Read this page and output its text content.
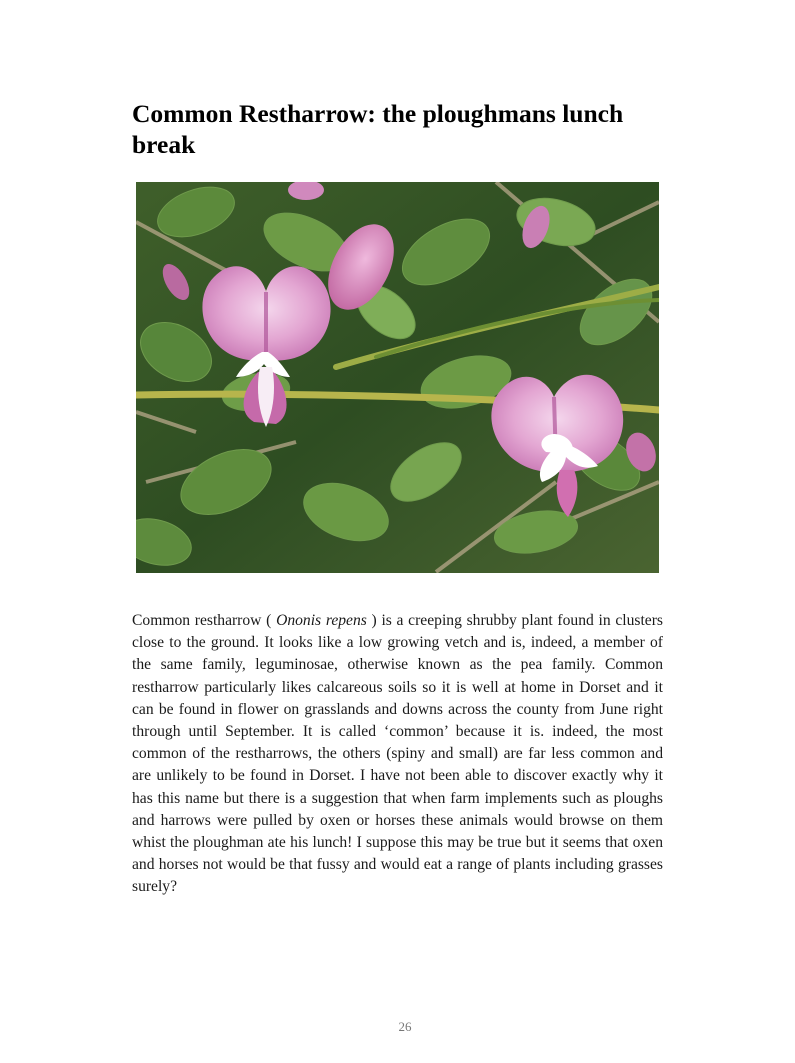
Common Restharrow: the ploughmans lunch break

Common restharrow ( Ononis repens ) is a creeping shrubby plant found in clusters close to the ground. It looks like a low growing vetch and is, indeed, a member of the same family, leguminosae, otherwise known as the pea family. Common restharrow particularly likes calcareous soils so it is well at home in Dorset and it can be found in flower on grasslands and downs across the county from June right through until September. It is called ‘common’ because it is. indeed, the most common of the restharrows, the others (spiny and small) are far less common and are unlikely to be found in Dorset. I have not been able to discover exactly why it has this name but there is a suggestion that when farm implements such as ploughs and harrows were pulled by oxen or horses these animals would browse on them whist the ploughman ate his lunch! I suppose this may be true but it seems that oxen and horses not would be that fussy and would eat a range of plants including grasses surely?

26
